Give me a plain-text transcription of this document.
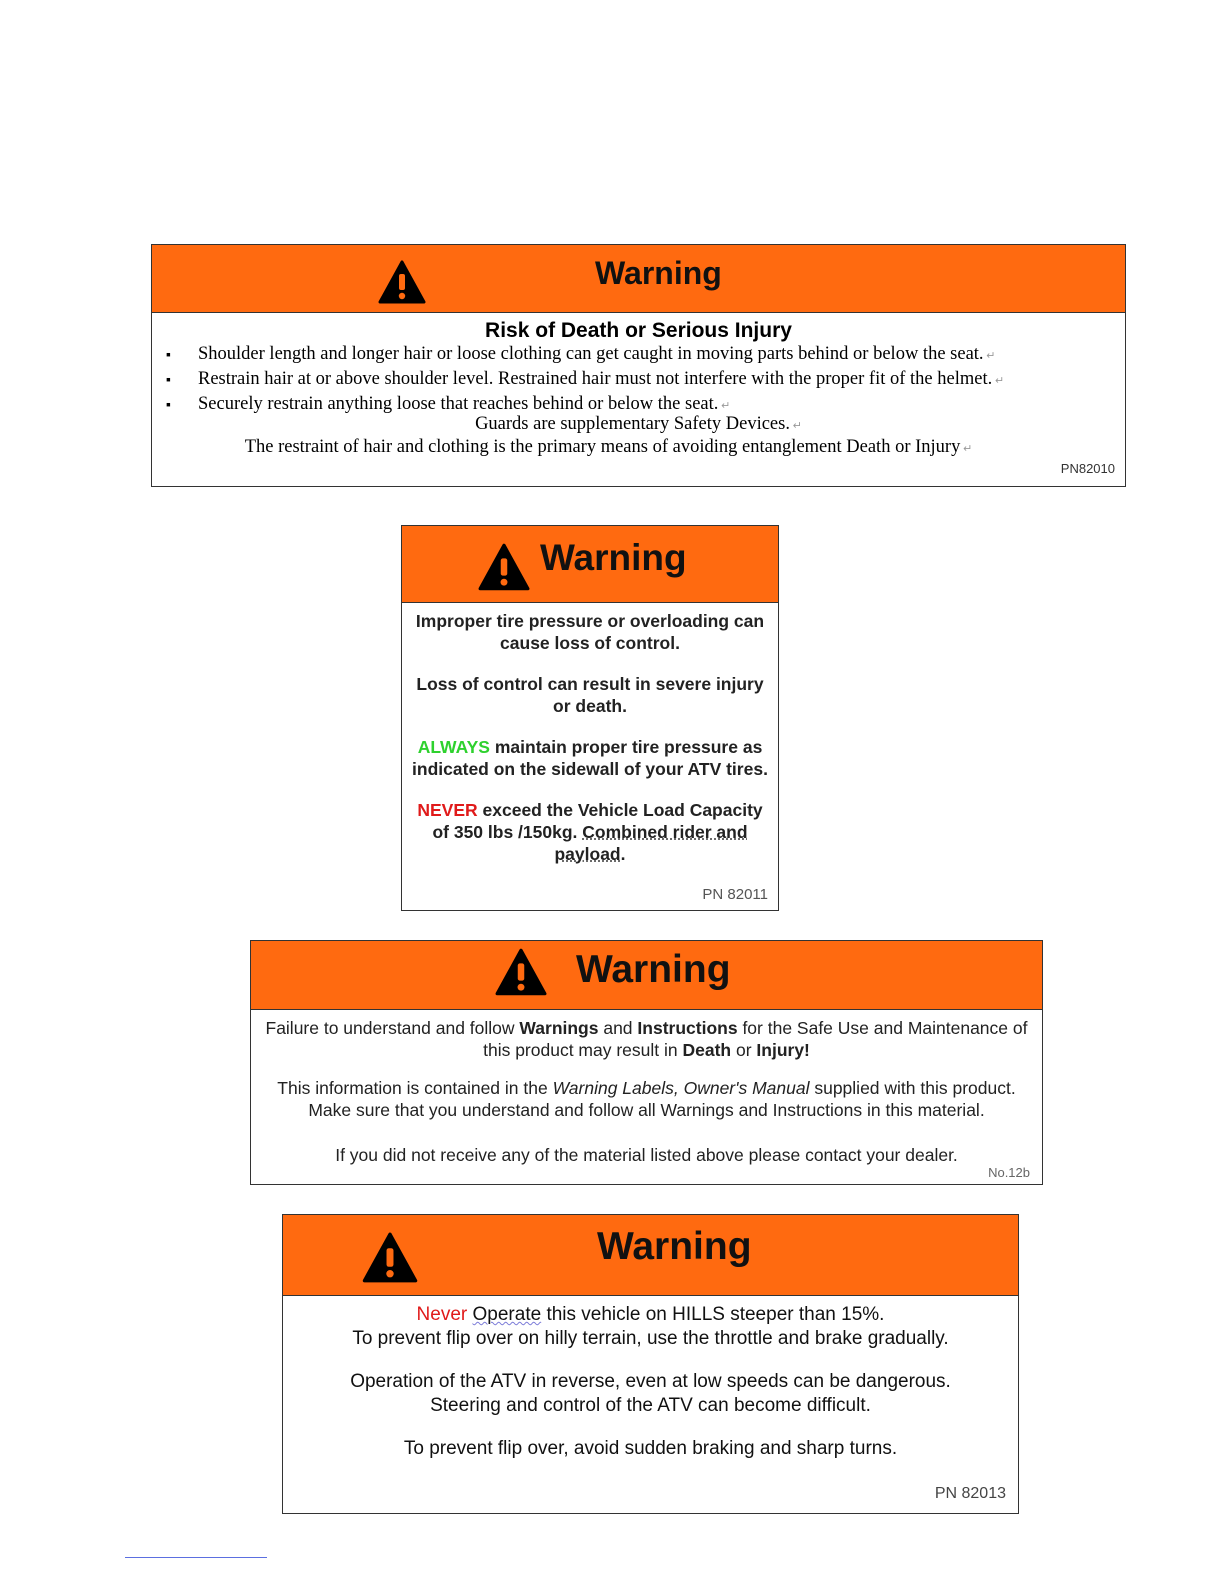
Warning
Risk of Death or Serious Injury
▪ Shoulder length and longer hair or loose clothing can get caught in moving parts behind or below the seat. ↵
▪ Restrain hair at or above shoulder level. Restrained hair must not interfere with the proper fit of the helmet. ↵
▪ Securely restrain anything loose that reaches behind or below the seat. ↵
Guards are supplementary Safety Devices. ↵
The restraint of hair and clothing is the primary means of avoiding entanglement Death or Injury ↵
PN82010
Warning

Improper tire pressure or overloading can cause loss of control.

Loss of control can result in severe injury or death.

ALWAYS maintain proper tire pressure as indicated on the sidewall of your ATV tires.

NEVER exceed the Vehicle Load Capacity of 350 lbs /150kg. Combined rider and payload.

PN 82011
Warning
Failure to understand and follow Warnings and Instructions for the Safe Use and Maintenance of this product may result in Death or Injury!
This information is contained in the Warning Labels, Owner's Manual supplied with this product. Make sure that you understand and follow all Warnings and Instructions in this material.
If you did not receive any of the material listed above please contact your dealer.
No.12b
Warning
Never Operate this vehicle on HILLS steeper than 15%.

To prevent flip over on hilly terrain, use the throttle and brake gradually.

Operation of the ATV in reverse, even at low speeds can be dangerous.

Steering and control of the ATV can become difficult.

To prevent flip over, avoid sudden braking and sharp turns.

PN 82013
